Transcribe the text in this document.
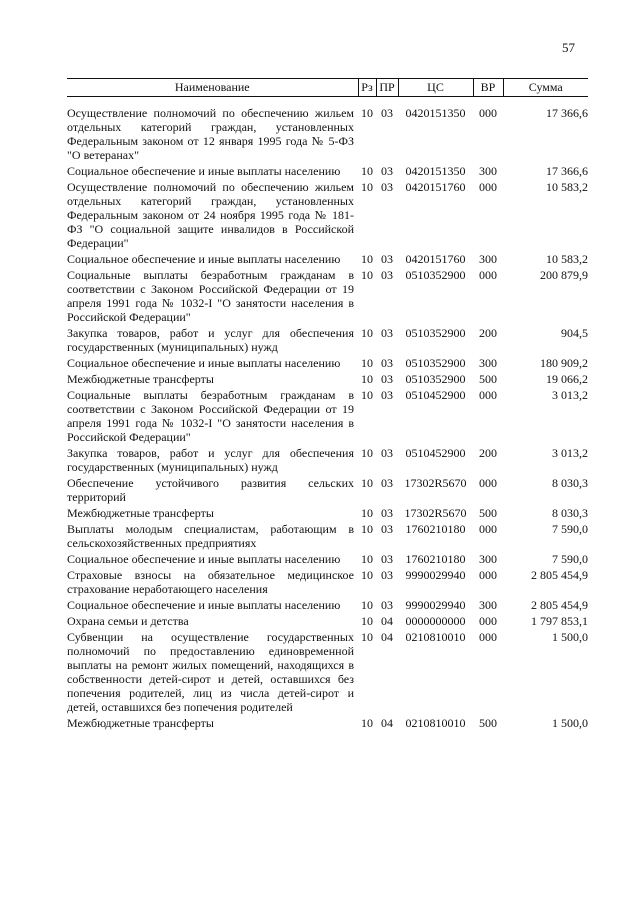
57
Наименование	Рз	ПР	ЦС	ВР	Сумма
Осуществление полномочий по обеспечению жильем отдельных категорий граждан, установленных Федеральным законом от 12 января 1995 года № 5-ФЗ "О ветеранах"	10	03	0420151350	000	17 366,6
Социальное обеспечение и иные выплаты населению	10	03	0420151350	300	17 366,6
Осуществление полномочий по обеспечению жильем отдельных категорий граждан, установленных Федеральным законом от 24 ноября 1995 года № 181-ФЗ "О социальной защите инвалидов в Российской Федерации"	10	03	0420151760	000	10 583,2
Социальное обеспечение и иные выплаты населению	10	03	0420151760	300	10 583,2
Социальные выплаты безработным гражданам в соответствии с Законом Российской Федерации от 19 апреля 1991 года № 1032-I "О занятости населения в Российской Федерации"	10	03	0510352900	000	200 879,9
Закупка товаров, работ и услуг для обеспечения государственных (муниципальных) нужд	10	03	0510352900	200	904,5
Социальное обеспечение и иные выплаты населению	10	03	0510352900	300	180 909,2
Межбюджетные трансферты	10	03	0510352900	500	19 066,2
Социальные выплаты безработным гражданам в соответствии с Законом Российской Федерации от 19 апреля 1991 года № 1032-I "О занятости населения в Российской Федерации"	10	03	0510452900	000	3 013,2
Закупка товаров, работ и услуг для обеспечения государственных (муниципальных) нужд	10	03	0510452900	200	3 013,2
Обеспечение устойчивого развития сельских территорий	10	03	17302R5670	000	8 030,3
Межбюджетные трансферты	10	03	17302R5670	500	8 030,3
Выплаты молодым специалистам, работающим в сельскохозяйственных предприятиях	10	03	1760210180	000	7 590,0
Социальное обеспечение и иные выплаты населению	10	03	1760210180	300	7 590,0
Страховые взносы на обязательное медицинское страхование неработающего населения	10	03	9990029940	000	2 805 454,9
Социальное обеспечение и иные выплаты населению	10	03	9990029940	300	2 805 454,9
Охрана семьи и детства	10	04	0000000000	000	1 797 853,1
Субвенции на осуществление государственных полномочий по предоставлению единовременной выплаты на ремонт жилых помещений, находящихся в собственности детей-сирот и детей, оставшихся без попечения родителей, лиц из числа детей-сирот и детей, оставшихся без попечения родителей	10	04	0210810010	000	1 500,0
Межбюджетные трансферты	10	04	0210810010	500	1 500,0
